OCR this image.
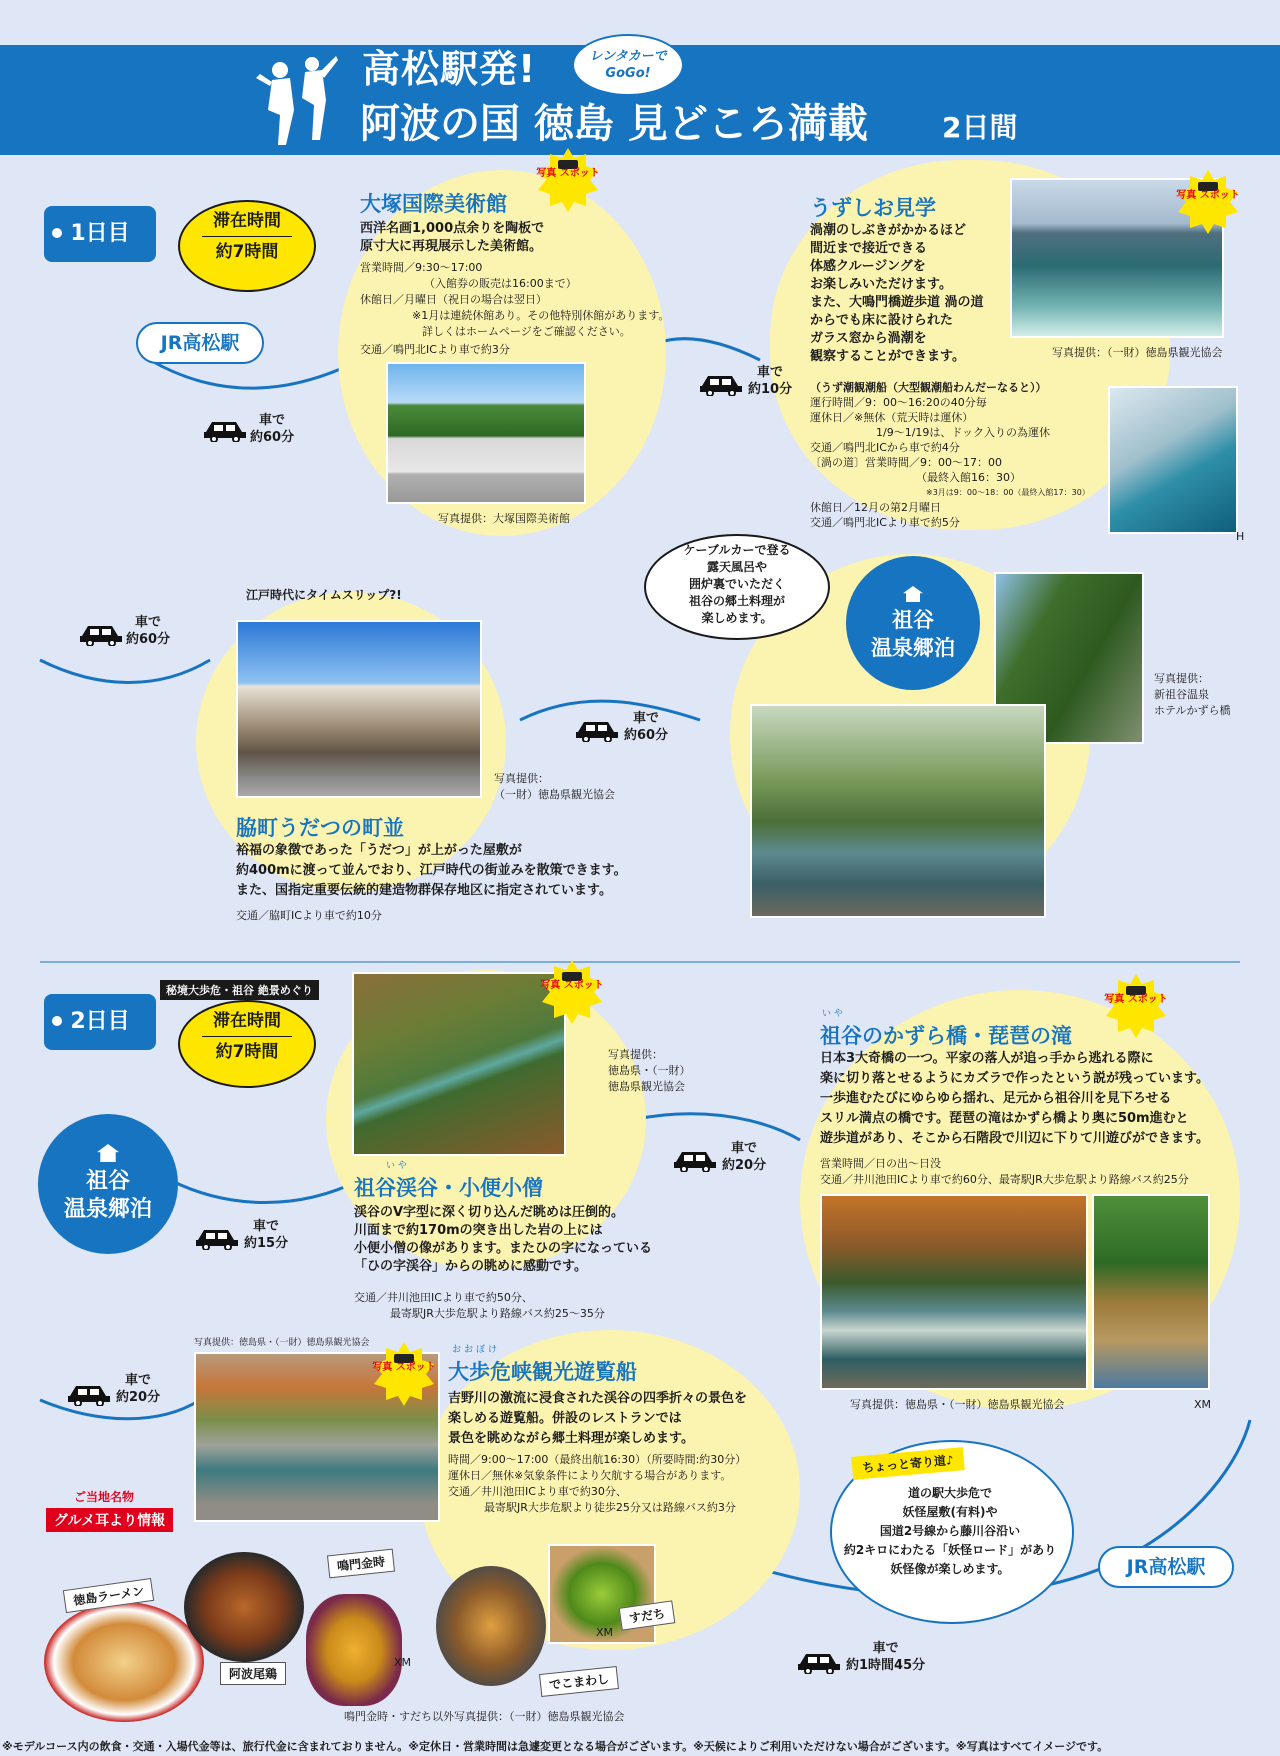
高松駅発!	レンタカーで GoGo!
阿波の国 徳島 見どころ満載	2日間
1日目	滞在時間
約7時間
JR高松駅
車で
約60分
写真 スポット
大塚国際美術館
西洋名画1,000点余りを陶板で
原寸大に再現展示した美術館。
営業時間／9:30〜17:00
（入館券の販売は16:00まで）
休館日／月曜日（祝日の場合は翌日）
※1月は連続休館あり。その他特別休館があります。
詳しくはホームページをご確認ください。
交通／鳴門北ICより車で約3分
写真提供：大塚国際美術館
車で
約10分
うずしお見学
渦潮のしぶきがかかるほど
間近まで接近できる
体感クルージングを
お楽しみいただけます。
また、大鳴門橋遊歩道 渦の道
からでも床に設けられた
ガラス窓から渦潮を
観察することができます。
写真 スポット
写真提供：（一財）徳島県観光協会
（うず潮観潮船（大型観潮船わんだーなると））
運行時間／9：00〜16:20の40分毎
運休日／※無休（荒天時は運休）
1/9〜1/19は、ドック入りの為運休
交通／鳴門北ICから車で約4分
〔渦の道〕営業時間／9：00〜17：00
（最終入館16：30）
※3月は9：00〜18：00（最終入館17：30）
休館日／12月の第2月曜日
交通／鳴門北ICより車で約5分
H
車で
約60分
江戸時代にタイムスリップ?!
写真提供：
（一財）徳島県観光協会
脇町うだつの町並
裕福の象徴であった「うだつ」が上がった屋敷が
約400mに渡って並んでおり、江戸時代の街並みを散策できます。
また、国指定重要伝統的建造物群保存地区に指定されています。
交通／脇町ICより車で約10分
車で
約60分
ケーブルカーで登る
露天風呂や
囲炉裏でいただく
祖谷の郷土料理が
楽しめます。	祖谷
温泉郷泊
写真提供：
新祖谷温泉
ホテルかずら橋
2日目
秘境大歩危・祖谷 絶景めぐり
滞在時間
約7時間
祖谷
温泉郷泊
車で
約15分
写真 スポット
写真提供：
徳島県・（一財）
徳島県観光協会
い や
祖谷渓谷・小便小僧
渓谷のV字型に深く切り込んだ眺めは圧倒的。
川面まで約170mの突き出した岩の上には
小便小僧の像があります。またひの字になっている
「ひの字渓谷」からの眺めに感動です。
交通／井川池田ICより車で約50分、
最寄駅JR大歩危駅より路線バス約25〜35分
車で
約20分
写真 スポット
い や
祖谷のかずら橋・琵琶の滝
日本3大奇橋の一つ。平家の落人が追っ手から逃れる際に
楽に切り落とせるようにカズラで作ったという説が残っています。
一歩進むたびにゆらゆら揺れ、足元から祖谷川を見下ろせる
スリル満点の橋です。琵琶の滝はかずら橋より奥に50m進むと
遊歩道があり、そこから石階段で川辺に下りて川遊びができます。
営業時間／日の出〜日没
交通／井川池田ICより車で約60分、最寄駅JR大歩危駅より路線バス約25分
写真提供：徳島県・（一財）徳島県観光協会	XM
車で
約20分
写真提供：徳島県・（一財）徳島県観光協会
写真 スポット
おおぼけ
大歩危峡観光遊覧船
吉野川の激流に浸食された渓谷の四季折々の景色を
楽しめる遊覧船。併設のレストランでは
景色を眺めながら郷土料理が楽しめます。
時間／9:00〜17:00（最終出航16:30）（所要時間:約30分）
運休日／無休※気象条件により欠航する場合があります。
交通／井川池田ICより車で約30分、
最寄駅JR大歩危駅より徒歩25分又は路線バス約3分
ちょっと寄り道♪
道の駅大歩危で
妖怪屋敷(有料)や
国道2号線から藤川谷沿い
約2キロにわたる「妖怪ロード」があり
妖怪像が楽しめます。	JR高松駅
車で
約1時間45分
ご当地名物
グルメ耳より情報
徳島ラーメン
阿波尾鶏
鳴門金時
でこまわし
すだち
XM
XM
鳴門金時・すだち以外写真提供：（一財）徳島県観光協会
※モデルコース内の飲食・交通・入場代金等は、旅行代金に含まれておりません。※定休日・営業時間は急遽変更となる場合がございます。※天候によりご利用いただけない場合がございます。※写真はすべてイメージです。
